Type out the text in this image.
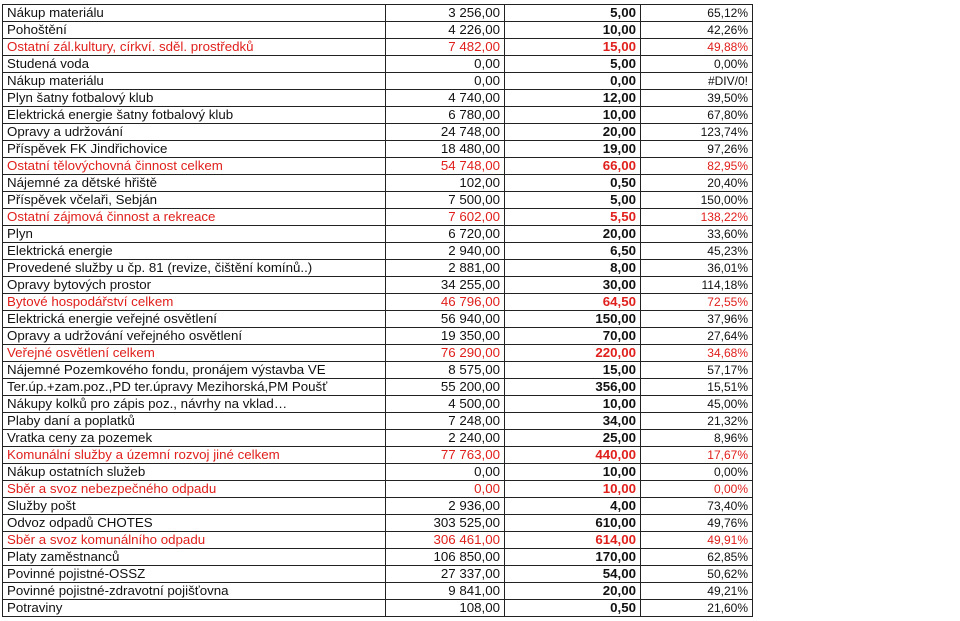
Nákup materiálu	3 256,00	5,00	65,12%
Pohoštění	4 226,00	10,00	42,26%
Ostatní zál.kultury, církví. sděl. prostředků	7 482,00	15,00	49,88%
Studená voda	0,00	5,00	0,00%
Nákup materiálu	0,00	0,00	#DIV/0!
Plyn šatny fotbalový klub	4 740,00	12,00	39,50%
Elektrická energie šatny fotbalový klub	6 780,00	10,00	67,80%
Opravy a udržování	24 748,00	20,00	123,74%
Příspěvek FK Jindřichovice	18 480,00	19,00	97,26%
Ostatní tělovýchovná činnost celkem	54 748,00	66,00	82,95%
Nájemné za dětské hřiště	102,00	0,50	20,40%
Příspěvek včelaři, Sebján	7 500,00	5,00	150,00%
Ostatní zájmová činnost a rekreace	7 602,00	5,50	138,22%
Plyn	6 720,00	20,00	33,60%
Elektrická energie	2 940,00	6,50	45,23%
Provedené služby u čp. 81 (revize, čištění komínů..)	2 881,00	8,00	36,01%
Opravy bytových prostor	34 255,00	30,00	114,18%
Bytové hospodářství celkem	46 796,00	64,50	72,55%
Elektrická energie veřejné osvětlení	56 940,00	150,00	37,96%
Opravy a udržování veřejného osvětlení	19 350,00	70,00	27,64%
Veřejné osvětlení celkem	76 290,00	220,00	34,68%
Nájemné Pozemkového fondu, pronájem výstavba VE	8 575,00	15,00	57,17%
Ter.úp.+zam.poz.,PD ter.úpravy Mezihorská,PM Poušť	55 200,00	356,00	15,51%
Nákupy kolků pro zápis poz., návrhy na vklad…	4 500,00	10,00	45,00%
Plaby daní a poplatků	7 248,00	34,00	21,32%
Vratka ceny za pozemek	2 240,00	25,00	8,96%
Komunální služby a územní rozvoj jiné celkem	77 763,00	440,00	17,67%
Nákup ostatních služeb	0,00	10,00	0,00%
Sběr a svoz nebezpečného odpadu	0,00	10,00	0,00%
Služby pošt	2 936,00	4,00	73,40%
Odvoz odpadů CHOTES	303 525,00	610,00	49,76%
Sběr a svoz komunálního odpadu	306 461,00	614,00	49,91%
Platy zaměstnanců	106 850,00	170,00	62,85%
Povinné pojistné-OSSZ	27 337,00	54,00	50,62%
Povinné pojistné-zdravotní pojišťovna	9 841,00	20,00	49,21%
Potraviny	108,00	0,50	21,60%
